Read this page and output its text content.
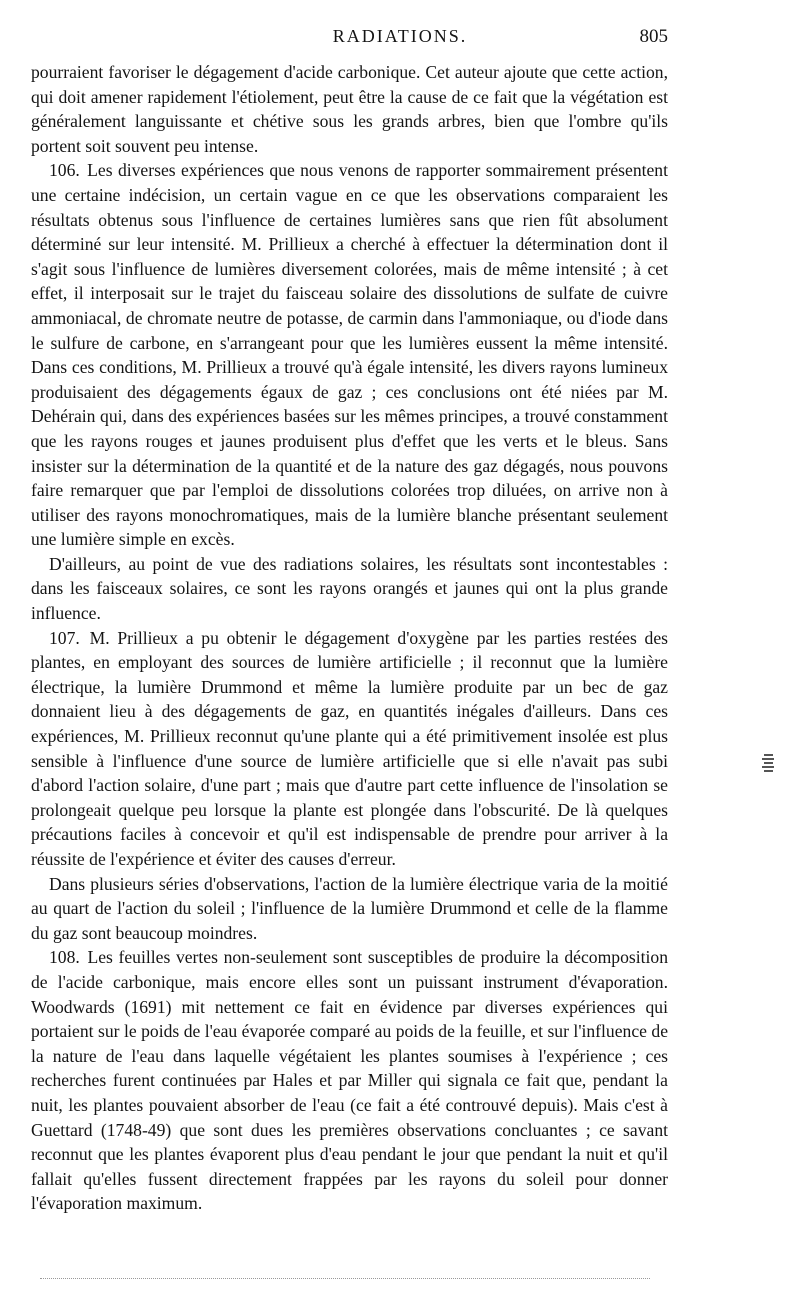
RADIATIONS.	805

pourraient favoriser le dégagement d'acide carbonique. Cet auteur ajoute que cette action, qui doit amener rapidement l'étiolement, peut être la cause de ce fait que la végétation est généralement languissante et chétive sous les grands arbres, bien que l'ombre qu'ils portent soit souvent peu intense.

106. Les diverses expériences que nous venons de rapporter sommairement présentent une certaine indécision, un certain vague en ce que les observations comparaient les résultats obtenus sous l'influence de certaines lumières sans que rien fût absolument déterminé sur leur intensité. M. Prillieux a cherché à effectuer la détermination dont il s'agit sous l'influence de lumières diversement colorées, mais de même intensité ; à cet effet, il interposait sur le trajet du faisceau solaire des dissolutions de sulfate de cuivre ammoniacal, de chromate neutre de potasse, de carmin dans l'ammoniaque, ou d'iode dans le sulfure de carbone, en s'arrangeant pour que les lumières eussent la même intensité. Dans ces conditions, M. Prillieux a trouvé qu'à égale intensité, les divers rayons lumineux produisaient des dégagements égaux de gaz ; ces conclusions ont été niées par M. Dehérain qui, dans des expériences basées sur les mêmes principes, a trouvé constamment que les rayons rouges et jaunes produisent plus d'effet que les verts et le bleus. Sans insister sur la détermination de la quantité et de la nature des gaz dégagés, nous pouvons faire remarquer que par l'emploi de dissolutions colorées trop diluées, on arrive non à utiliser des rayons monochromatiques, mais de la lumière blanche présentant seulement une lumière simple en excès.

D'ailleurs, au point de vue des radiations solaires, les résultats sont incontestables : dans les faisceaux solaires, ce sont les rayons orangés et jaunes qui ont la plus grande influence.

107. M. Prillieux a pu obtenir le dégagement d'oxygène par les parties restées des plantes, en employant des sources de lumière artificielle ; il reconnut que la lumière électrique, la lumière Drummond et même la lumière produite par un bec de gaz donnaient lieu à des dégagements de gaz, en quantités inégales d'ailleurs. Dans ces expériences, M. Prillieux reconnut qu'une plante qui a été primitivement insolée est plus sensible à l'influence d'une source de lumière artificielle que si elle n'avait pas subi d'abord l'action solaire, d'une part ; mais que d'autre part cette influence de l'insolation se prolongeait quelque peu lorsque la plante est plongée dans l'obscurité. De là quelques précautions faciles à concevoir et qu'il est indispensable de prendre pour arriver à la réussite de l'expérience et éviter des causes d'erreur.

Dans plusieurs séries d'observations, l'action de la lumière électrique varia de la moitié au quart de l'action du soleil ; l'influence de la lumière Drummond et celle de la flamme du gaz sont beaucoup moindres.

108. Les feuilles vertes non-seulement sont susceptibles de produire la décomposition de l'acide carbonique, mais encore elles sont un puissant instrument d'évaporation. Woodwards (1691) mit nettement ce fait en évidence par diverses expériences qui portaient sur le poids de l'eau évaporée comparé au poids de la feuille, et sur l'influence de la nature de l'eau dans laquelle végétaient les plantes soumises à l'expérience ; ces recherches furent continuées par Hales et par Miller qui signala ce fait que, pendant la nuit, les plantes pouvaient absorber de l'eau (ce fait a été controuvé depuis). Mais c'est à Guettard (1748-49) que sont dues les premières observations concluantes ; ce savant reconnut que les plantes évaporent plus d'eau pendant le jour que pendant la nuit et qu'il fallait qu'elles fussent directement frappées par les rayons du soleil pour donner l'évaporation maximum.
